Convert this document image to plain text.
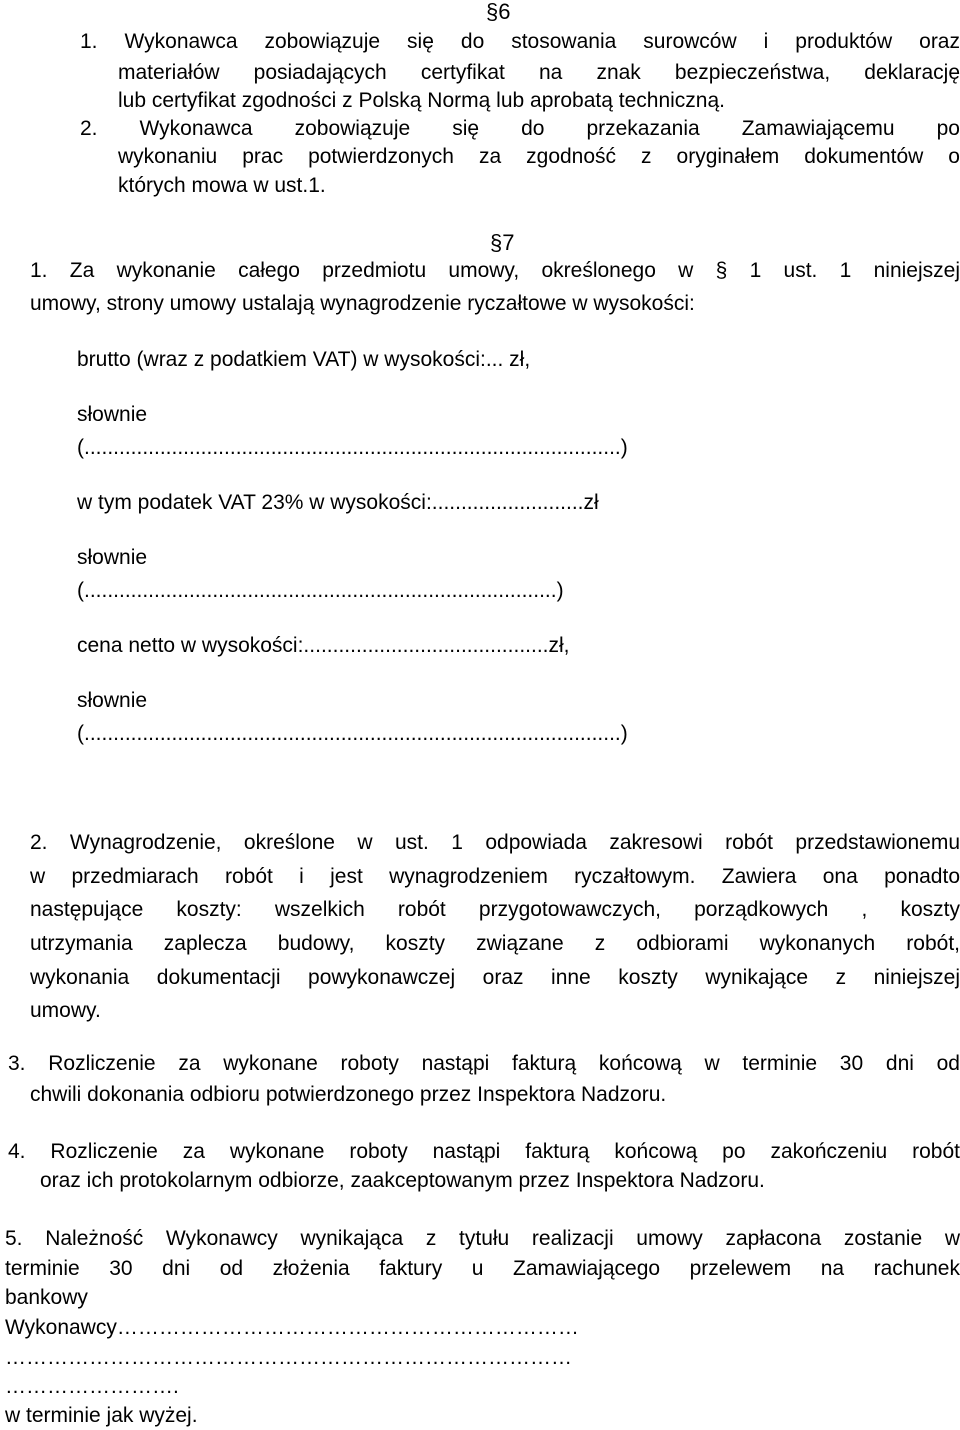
§6
1. Wykonawca zobowiązuje się do stosowania surowców i produktów oraz
materiałów posiadających certyfikat na znak bezpieczeństwa, deklarację
lub certyfikat zgodności z Polską Normą lub aprobatą techniczną.
2. Wykonawca zobowiązuje się do przekazania Zamawiającemu po
wykonaniu prac potwierdzonych za zgodność z oryginałem dokumentów o
których mowa w ust.1.
§7
1. Za wykonanie całego przedmiotu umowy, określonego w § 1 ust. 1 niniejszej
umowy, strony umowy ustalają wynagrodzenie ryczałtowe w wysokości:
brutto (wraz z podatkiem VAT) w wysokości:... zł,
słownie
(............................................................................................)
w tym podatek VAT 23% w wysokości:..........................zł
słownie
(.................................................................................)
cena netto w wysokości:..........................................zł,
słownie
(............................................................................................)
2. Wynagrodzenie, określone w ust. 1 odpowiada zakresowi robót przedstawionemu
w przedmiarach robót i jest wynagrodzeniem ryczałtowym. Zawiera ona ponadto
następujące koszty: wszelkich robót przygotowawczych, porządkowych , koszty
utrzymania zaplecza budowy, koszty związane z odbiorami wykonanych robót,
wykonania dokumentacji powykonawczej oraz inne koszty wynikające z niniejszej
umowy.
3. Rozliczenie za wykonane roboty nastąpi fakturą końcową w terminie 30 dni od
chwili dokonania odbioru potwierdzonego przez Inspektora Nadzoru.
4. Rozliczenie za wykonane roboty nastąpi fakturą końcową po zakończeniu robót
oraz ich protokolarnym odbiorze, zaakceptowanym przez Inspektora Nadzoru.
5. Należność Wykonawcy wynikająca z tytułu realizacji umowy zapłacona zostanie w
terminie 30 dni od złożenia faktury u Zamawiającego przelewem na rachunek
bankowy
Wykonawcy…………………………………………………………
………………………………………………………………………
…………………….
w terminie jak wyżej.
